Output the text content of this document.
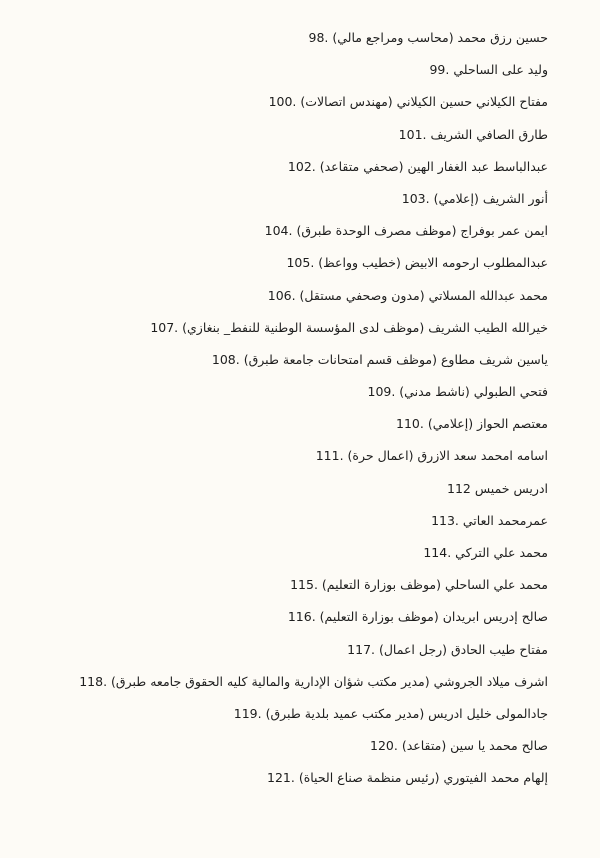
حسين رزق محمد (محاسب ومراجع مالي) .98
وليد على الساحلي .99
مفتاح الكيلاني حسين الكيلاني (مهندس اتصالات) .100
طارق الصافي الشريف .101
عبدالباسط عبد الغفار الهين (صحفي متقاعد) .102
أنور الشريف (إعلامي) .103
ايمن عمر بوفراج (موظف مصرف الوحدة طبرق) .104
عبدالمطلوب ارحومه الابيض (خطيب وواعظ) .105
محمد عبدالله المسلاتي (مدون وصحفي مستقل) .106
خيرالله الطيب الشريف (موظف لدى المؤسسة الوطنية للنفط_ بنغازي) .107
ياسين شريف مطاوع (موظف قسم امتحانات جامعة طبرق) .108
فتحي الطبولي (ناشط مدني) .109
معتصم الحواز (إعلامي) .110
اسامه امحمد سعد الازرق (اعمال حرة) .111
ادريس خميس 112
عمرمحمد العاتي .113
محمد علي التركي .114
محمد علي الساحلي (موظف بوزارة التعليم) .115
صالح إدريس ابريدان (موظف بوزارة التعليم) .116
مفتاح طيب الحادق (رجل اعمال) .117
اشرف ميلاد الجروشي (مدير مكتب شؤان الإدارية والمالية كليه الحقوق جامعه طبرق) .118
جادالمولى خليل ادريس (مدير مكتب عميد بلدية طبرق) .119
صالح محمد يا سين (متقاعد) .120
إلهام محمد الفيتوري (رئيس منظمة صناع الحياة) .121
